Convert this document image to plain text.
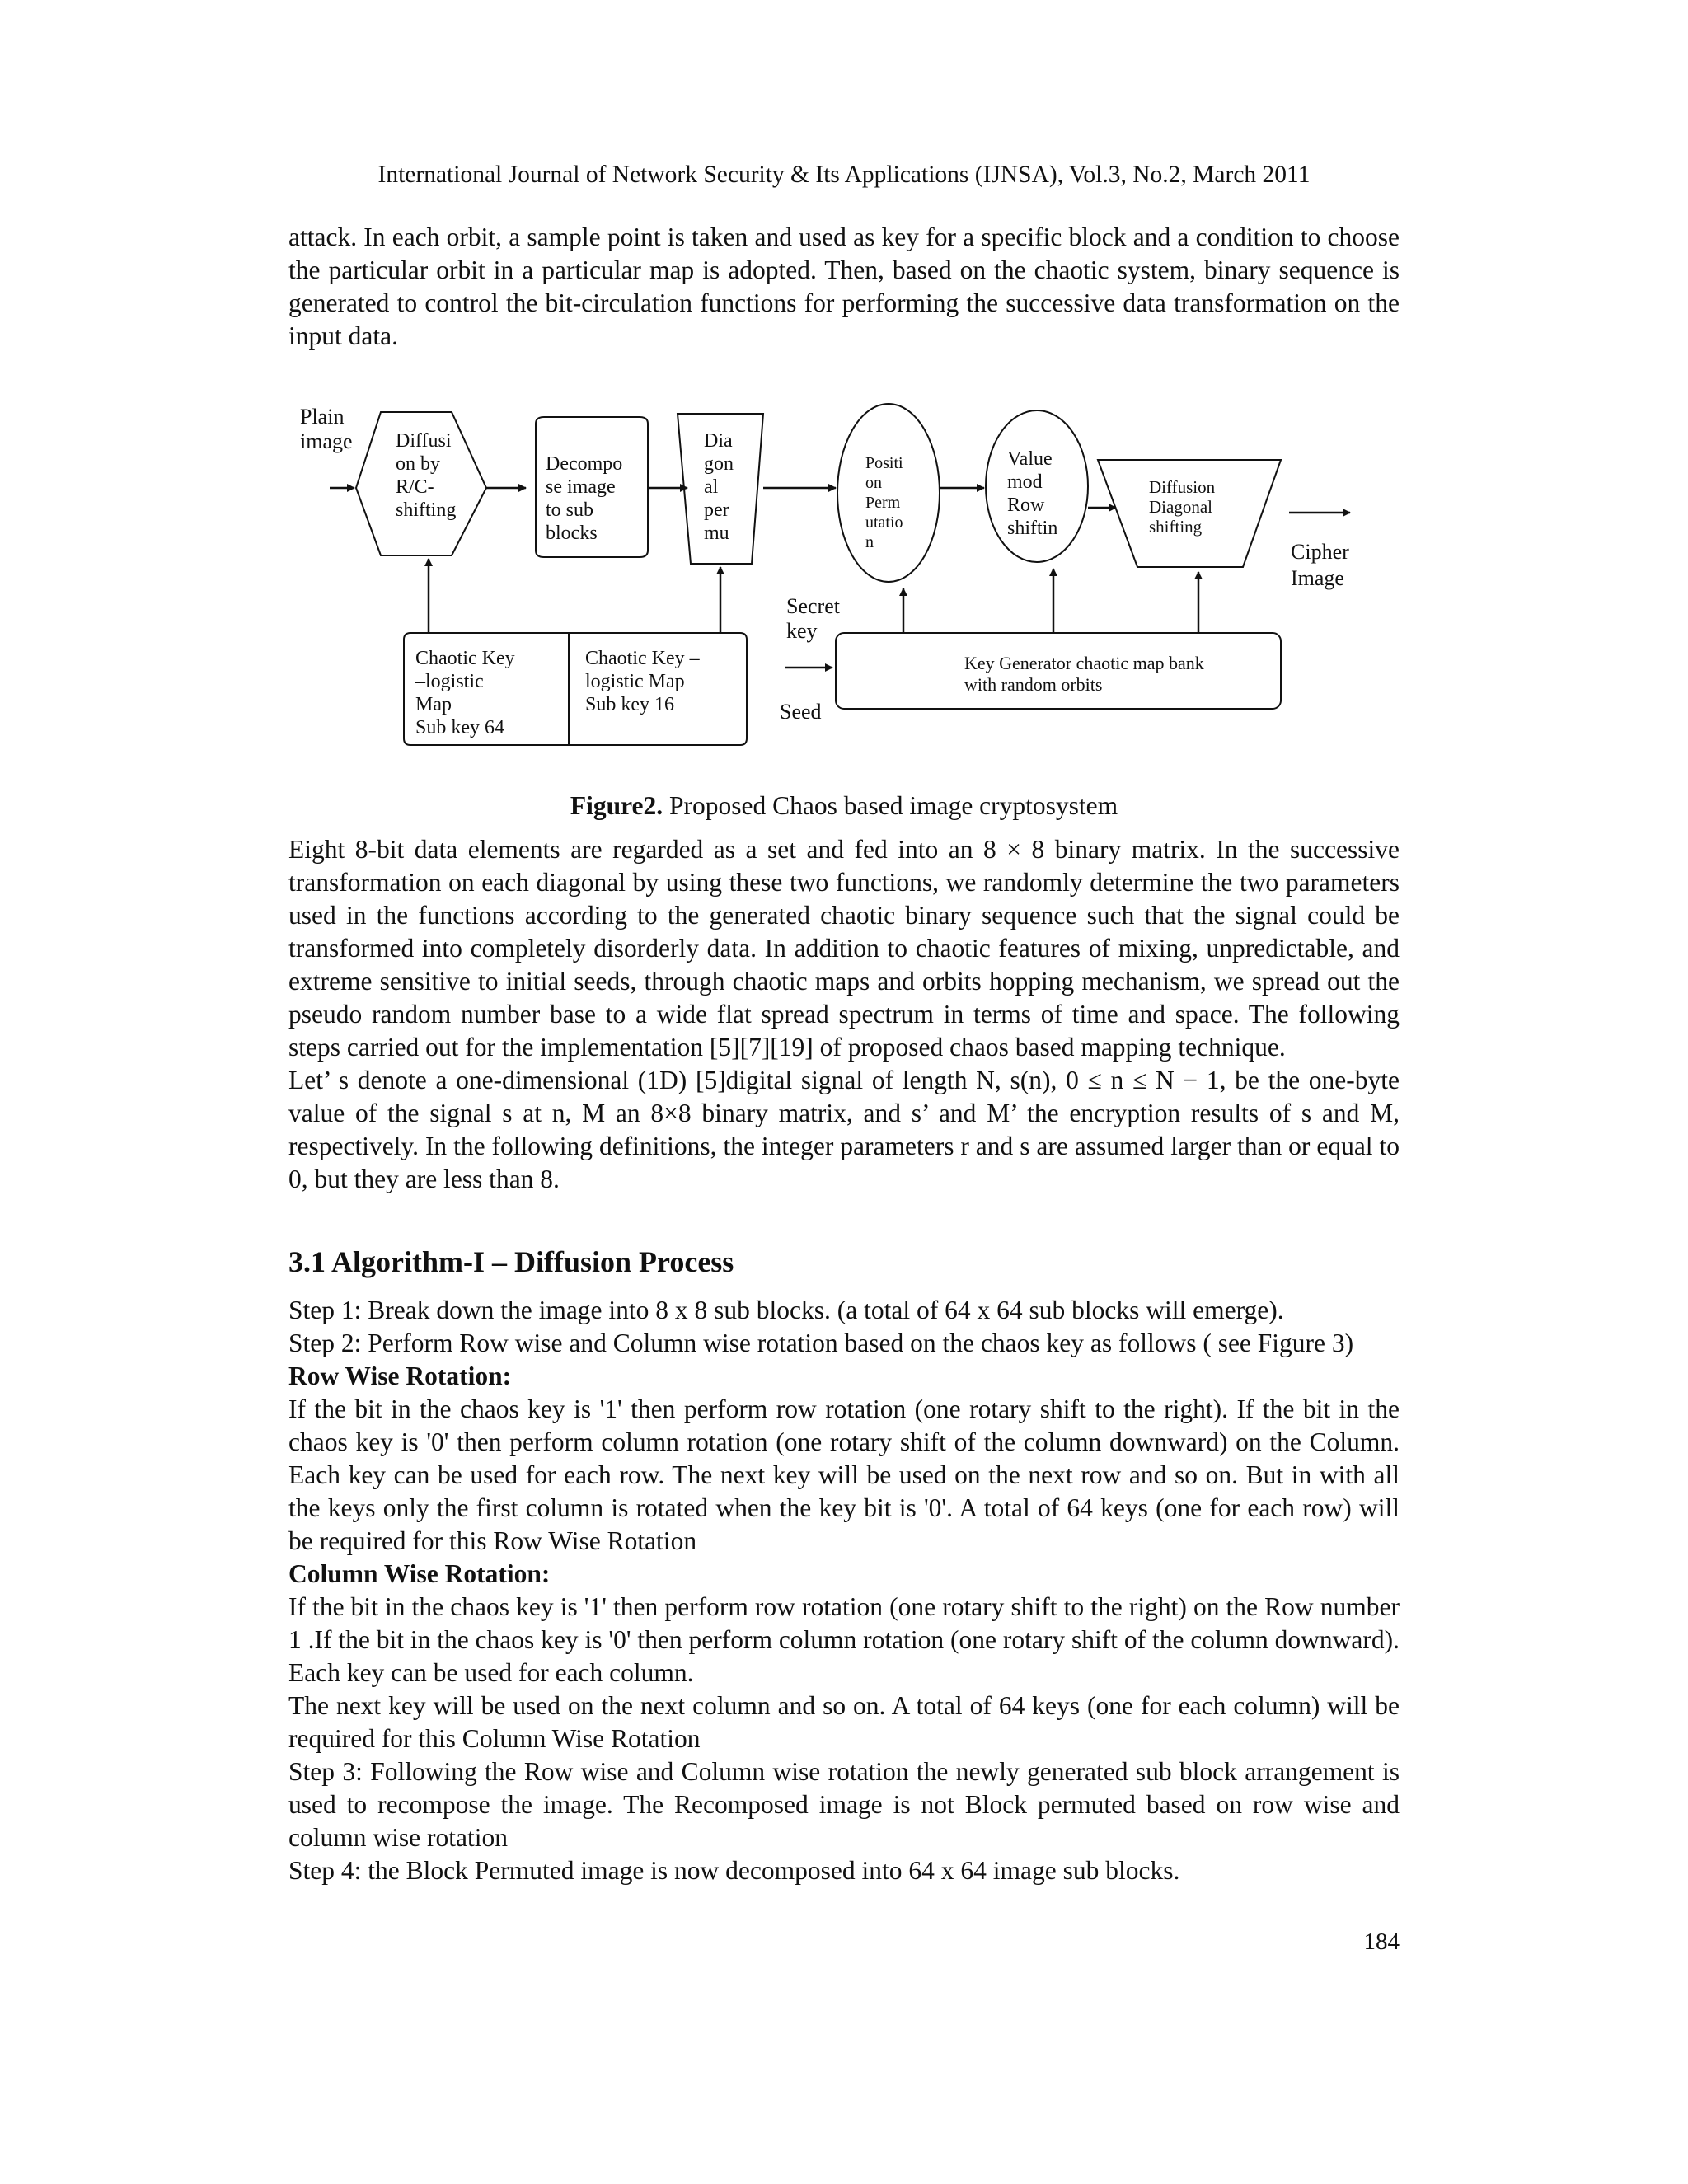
International Journal of Network Security & Its Applications (IJNSA), Vol.3, No.2, March 2011

attack. In each orbit, a sample point is taken and used as key for a specific block and a condition to choose the particular orbit in a particular map is adopted. Then, based on the chaotic system, binary sequence is generated to control the bit-circulation functions for performing the successive data transformation on the input data.

Plain
image Diffusi
on by
R/C-
shifting
Decompo
se image
to sub
blocks
Dia
gon
al
per
mu
Positi
on
Perm
utatio
n
Value
mod
Row
shiftin
Diffusion
Diagonal
shifting
Cipher
Image
Key Generator chaotic map bank
with random orbits
Secret
key
Seed
Chaotic Key
–logistic
Map
Sub key 64
Chaotic Key –
logistic Map
Sub key 16
Figure2. Proposed Chaos based image cryptosystem

Eight 8-bit data elements are regarded as a set and fed into an 8 × 8 binary matrix. In the successive transformation on each diagonal by using these two functions, we randomly determine the two parameters used in the functions according to the generated chaotic binary sequence such that the signal could be transformed into completely disorderly data. In addition to chaotic features of mixing, unpredictable, and extreme sensitive to initial seeds, through chaotic maps and orbits hopping mechanism, we spread out the pseudo random number base to a wide flat spread spectrum in terms of time and space. The following steps carried out for the implementation [5][7][19] of proposed chaos based mapping technique.

Let’ s denote a one-dimensional (1D) [5]digital signal of length N, s(n), 0 ≤ n ≤ N − 1, be the one-byte value of the signal s at n, M an 8×8 binary matrix, and s’ and M’ the encryption results of s and M, respectively. In the following definitions, the integer parameters r and s are assumed larger than or equal to 0, but they are less than 8.

3.1 Algorithm-I – Diffusion Process

Step 1: Break down the image into 8 x 8 sub blocks. (a total of 64 x 64 sub blocks will emerge).

Step 2: Perform Row wise and Column wise rotation based on the chaos key as follows ( see Figure 3)

Row Wise Rotation:

If the bit in the chaos key is '1' then perform row rotation (one rotary shift to the right). If the bit in the chaos key is '0' then perform column rotation (one rotary shift of the column downward) on the Column. Each key can be used for each row. The next key will be used on the next row and so on. But in with all the keys only the first column is rotated when the key bit is '0'. A total of 64 keys (one for each row) will be required for this Row Wise Rotation

Column Wise Rotation:

If the bit in the chaos key is '1' then perform row rotation (one rotary shift to the right) on the Row number 1 .If the bit in the chaos key is '0' then perform column rotation (one rotary shift of the column downward). Each key can be used for each column.

The next key will be used on the next column and so on. A total of 64 keys (one for each column) will be required for this Column Wise Rotation

Step 3: Following the Row wise and Column wise rotation the newly generated sub block arrangement is used to recompose the image. The Recomposed image is not Block permuted based on row wise and column wise rotation

Step 4: the Block Permuted image is now decomposed into 64 x 64 image sub blocks.

184
